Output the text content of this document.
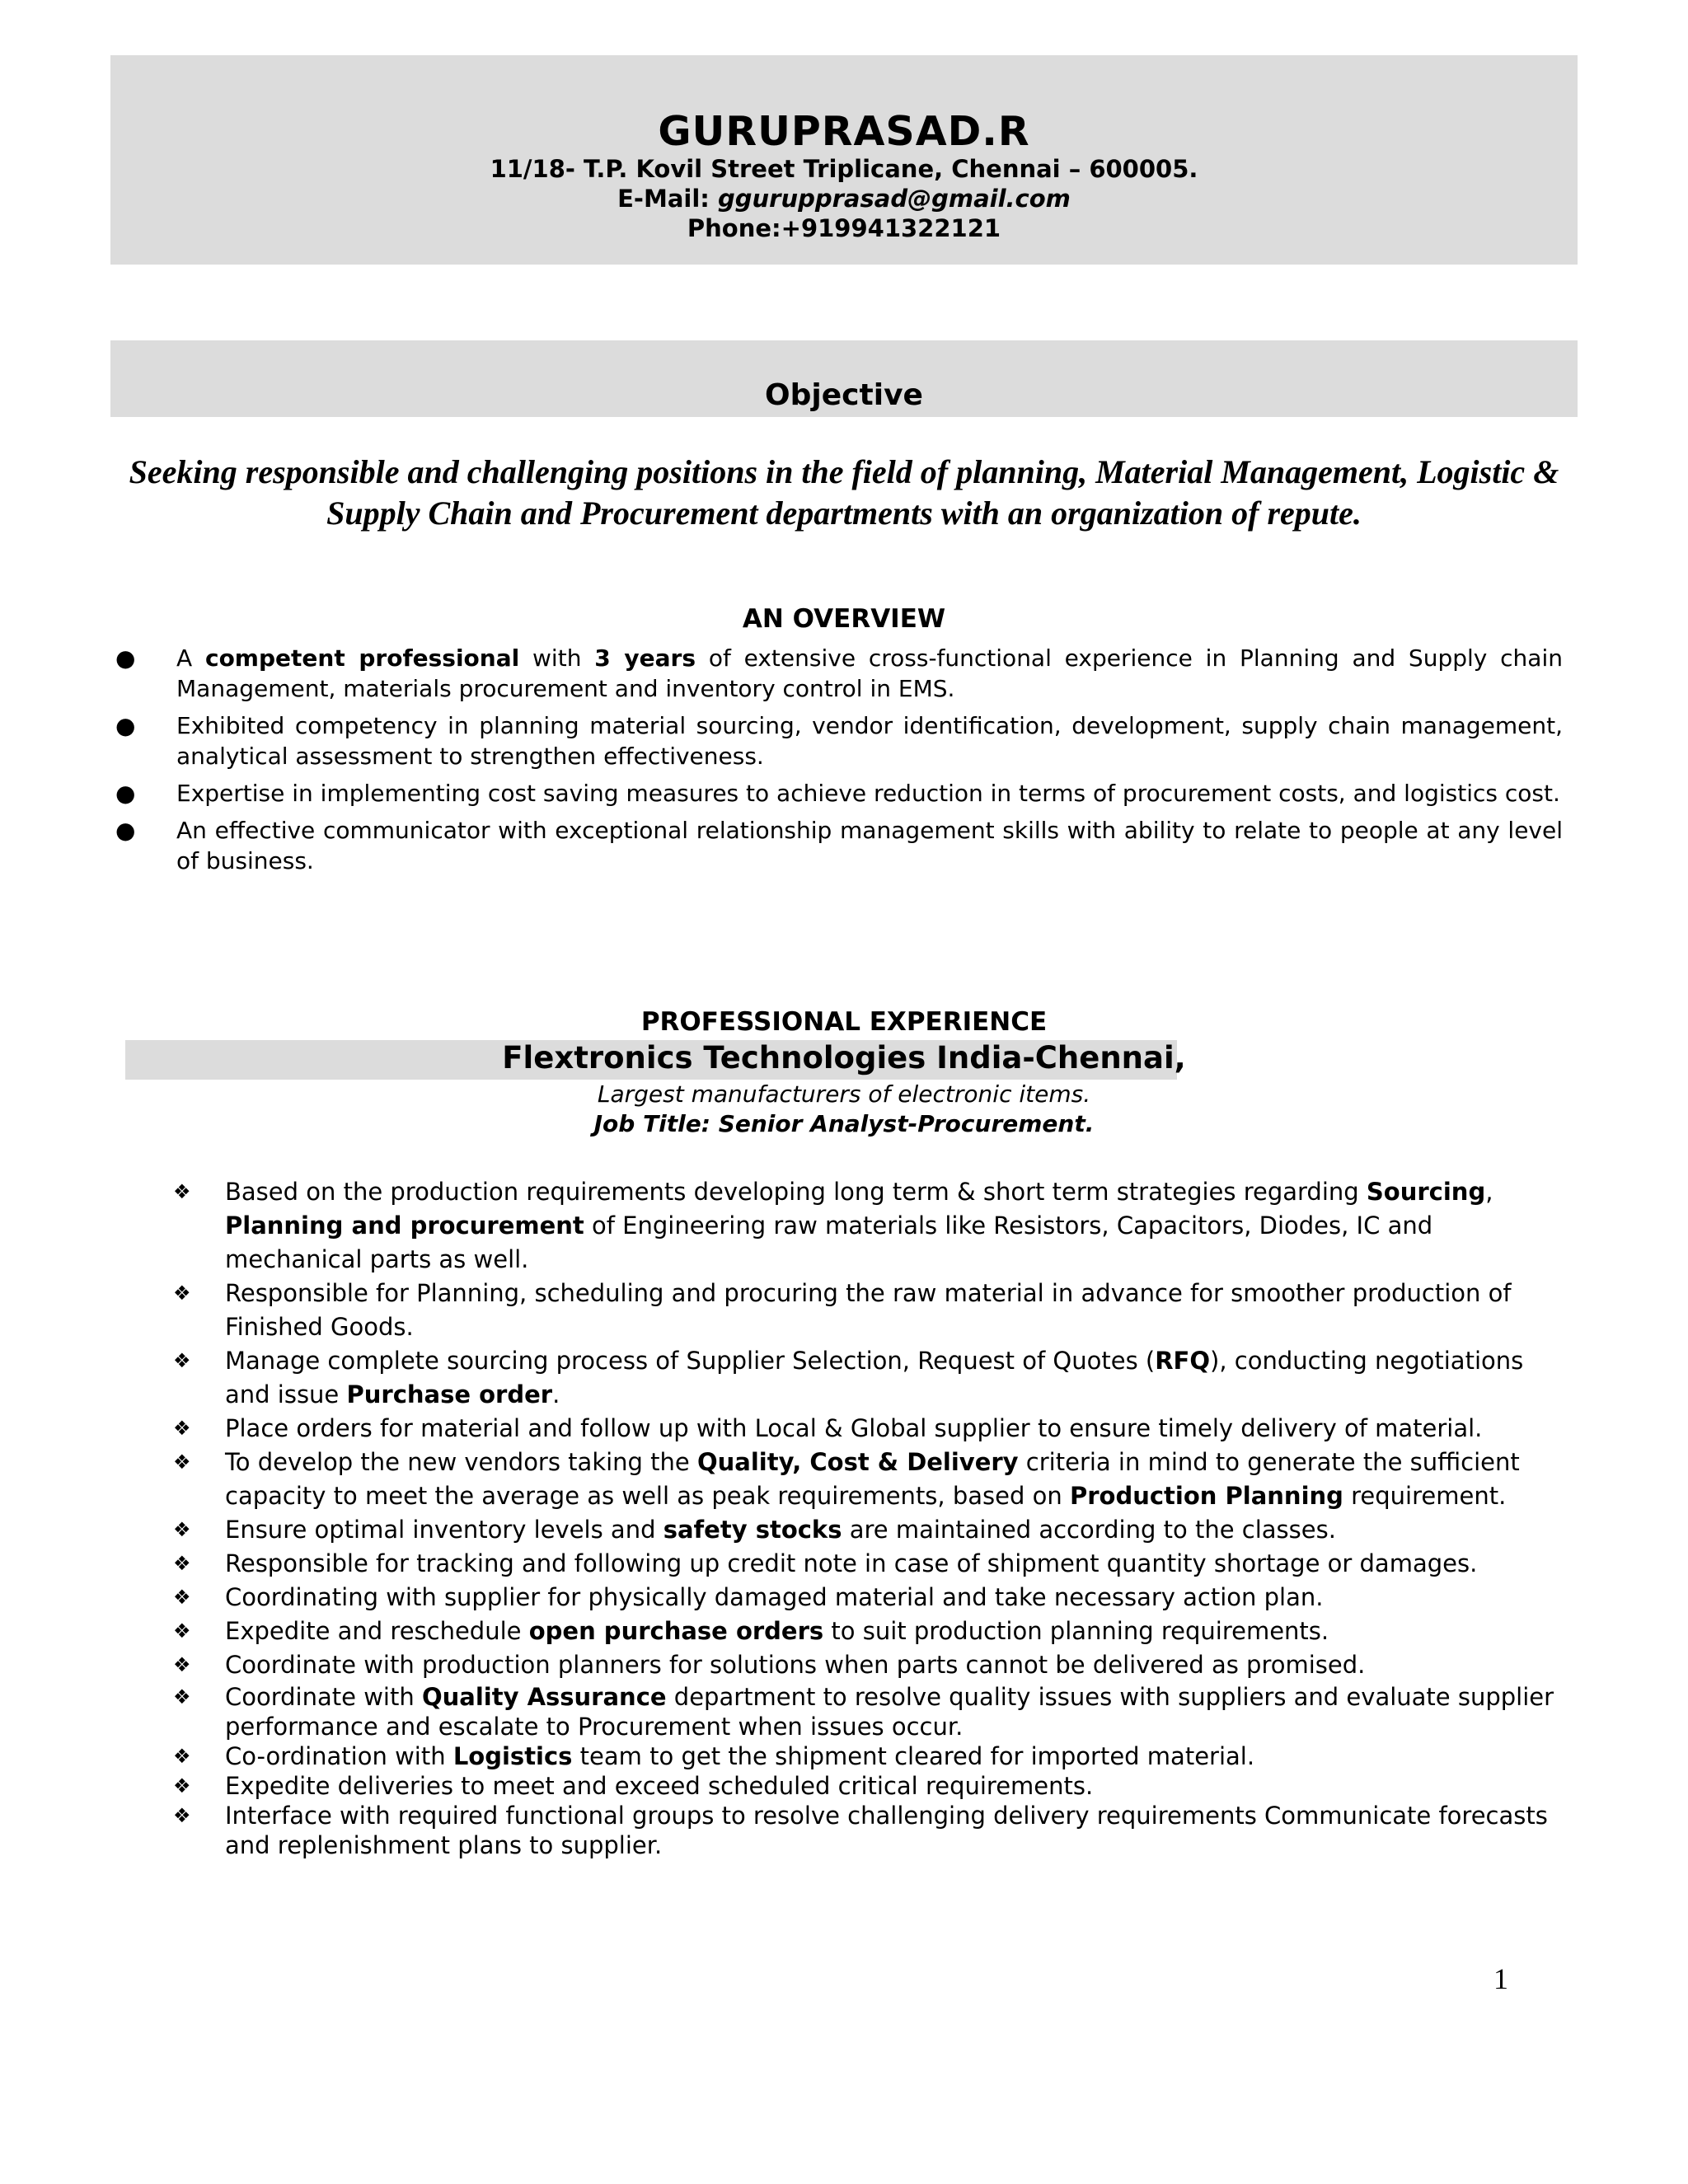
GURUPRASAD.R
11/18- T.P. Kovil Street Triplicane, Chennai – 600005.
E-Mail: ggurupprasad@gmail.com
Phone:+919941322121
Objective
Seeking responsible and challenging positions in the field of planning, Material Management, Logistic & Supply Chain and Procurement departments with an organization of repute.
AN OVERVIEW
● A competent professional with 3 years of extensive cross-functional experience in Planning and Supply chain Management, materials procurement and inventory control in EMS.
● Exhibited competency in planning material sourcing, vendor identification, development, supply chain management, analytical assessment to strengthen effectiveness.
● Expertise in implementing cost saving measures to achieve reduction in terms of procurement costs, and logistics cost.
● An effective communicator with exceptional relationship management skills with ability to relate to people at any level of business.
PROFESSIONAL EXPERIENCE
Flextronics Technologies India-Chennai,
Largest manufacturers of electronic items.
Job Title: Senior Analyst-Procurement.
❖ Based on the production requirements developing long term & short term strategies regarding Sourcing, Planning and procurement of Engineering raw materials like Resistors, Capacitors, Diodes, IC and mechanical parts as well.
❖ Responsible for Planning, scheduling and procuring the raw material in advance for smoother production of Finished Goods.
❖ Manage complete sourcing process of Supplier Selection, Request of Quotes (RFQ), conducting negotiations and issue Purchase order.
❖ Place orders for material and follow up with Local & Global supplier to ensure timely delivery of material.
❖ To develop the new vendors taking the Quality, Cost & Delivery criteria in mind to generate the sufficient capacity to meet the average as well as peak requirements, based on Production Planning requirement.
❖ Ensure optimal inventory levels and safety stocks are maintained according to the classes.
❖ Responsible for tracking and following up credit note in case of shipment quantity shortage or damages.
❖ Coordinating with supplier for physically damaged material and take necessary action plan.
❖ Expedite and reschedule open purchase orders to suit production planning requirements.
❖ Coordinate with production planners for solutions when parts cannot be delivered as promised.
❖ Coordinate with Quality Assurance department to resolve quality issues with suppliers and evaluate supplier performance and escalate to Procurement when issues occur.
❖ Co-ordination with Logistics team to get the shipment cleared for imported material.
❖ Expedite deliveries to meet and exceed scheduled critical requirements.
❖ Interface with required functional groups to resolve challenging delivery requirements Communicate forecasts and replenishment plans to supplier.
1
